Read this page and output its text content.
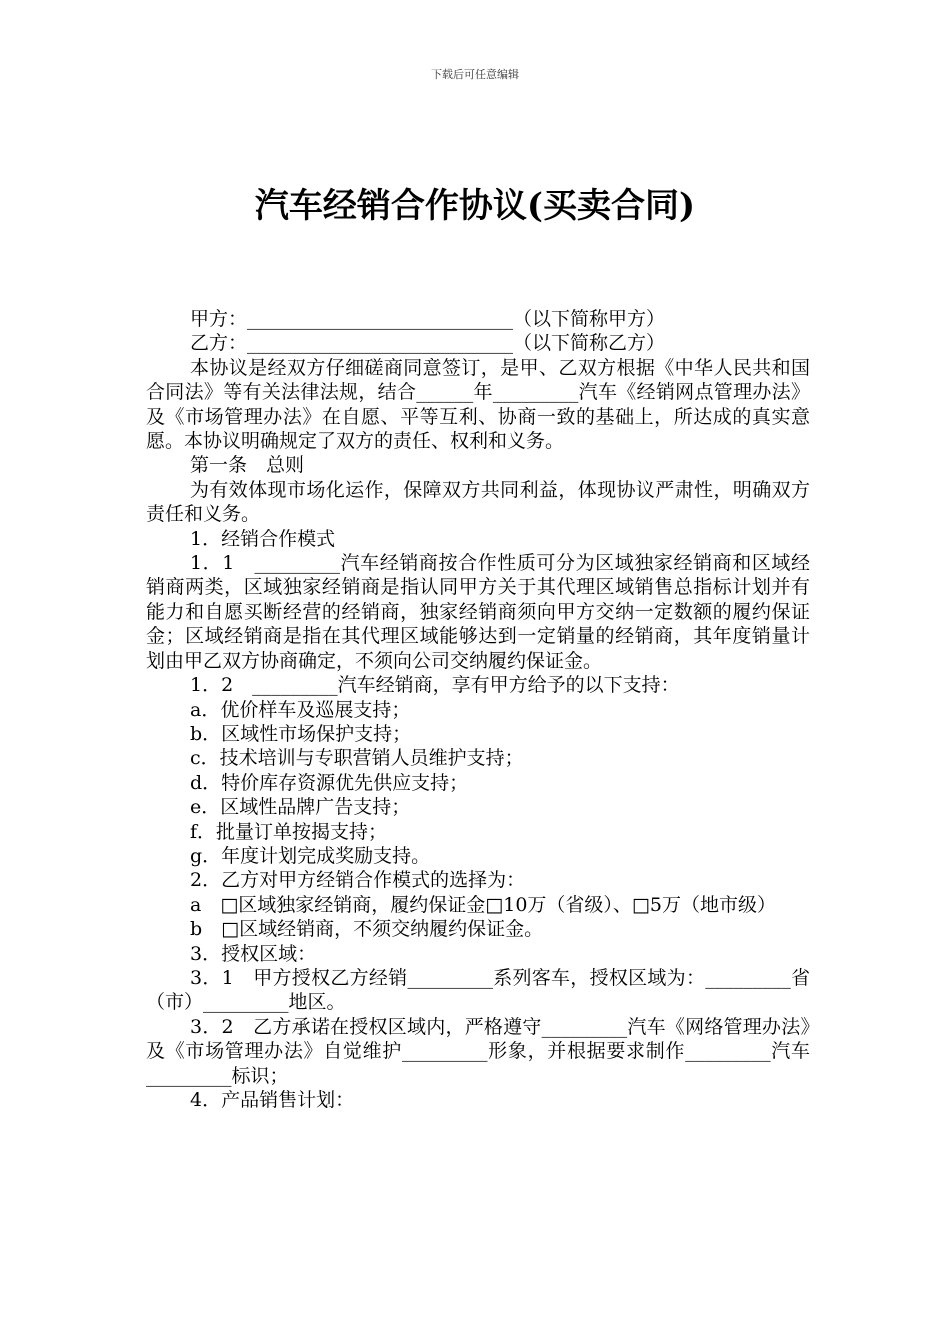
下载后可任意编辑
汽车经销合作协议(买卖合同)

甲方：____________________________（以下简称甲方）

乙方：____________________________（以下简称乙方）

本协议是经双方仔细磋商同意签订，是甲、乙双方根据《中华人民共和国合同法》等有关法律法规，结合______年_________汽车《经销网点管理办法》及《市场管理办法》在自愿、平等互利、协商一致的基础上，所达成的真实意愿。本协议明确规定了双方的责任、权利和义务。

第一条　总则

为有效体现市场化运作，保障双方共同利益，体现协议严肃性，明确双方责任和义务。

1．经销合作模式

1．1　_________汽车经销商按合作性质可分为区域独家经销商和区域经销商两类，区域独家经销商是指认同甲方关于其代理区域销售总指标计划并有能力和自愿买断经营的经销商，独家经销商须向甲方交纳一定数额的履约保证金；区域经销商是指在其代理区域能够达到一定销量的经销商，其年度销量计划由甲乙双方协商确定，不须向公司交纳履约保证金。

1．2　_________汽车经销商，享有甲方给予的以下支持：

a．优价样车及巡展支持；

b．区域性市场保护支持；

c．技术培训与专职营销人员维护支持；

d．特价库存资源优先供应支持；

e．区域性品牌广告支持；

f．批量订单按揭支持；

g．年度计划完成奖励支持。

2．乙方对甲方经销合作模式的选择为：

a　□区域独家经销商，履约保证金□10万（省级）、□5万（地市级）

b　□区域经销商，不须交纳履约保证金。

3．授权区域：

3．1　甲方授权乙方经销_________系列客车，授权区域为：_________省（市）_________地区。

3．2　乙方承诺在授权区域内，严格遵守_________汽车《网络管理办法》及《市场管理办法》自觉维护_________形象，并根据要求制作_________汽车_________标识；

4．产品销售计划：
